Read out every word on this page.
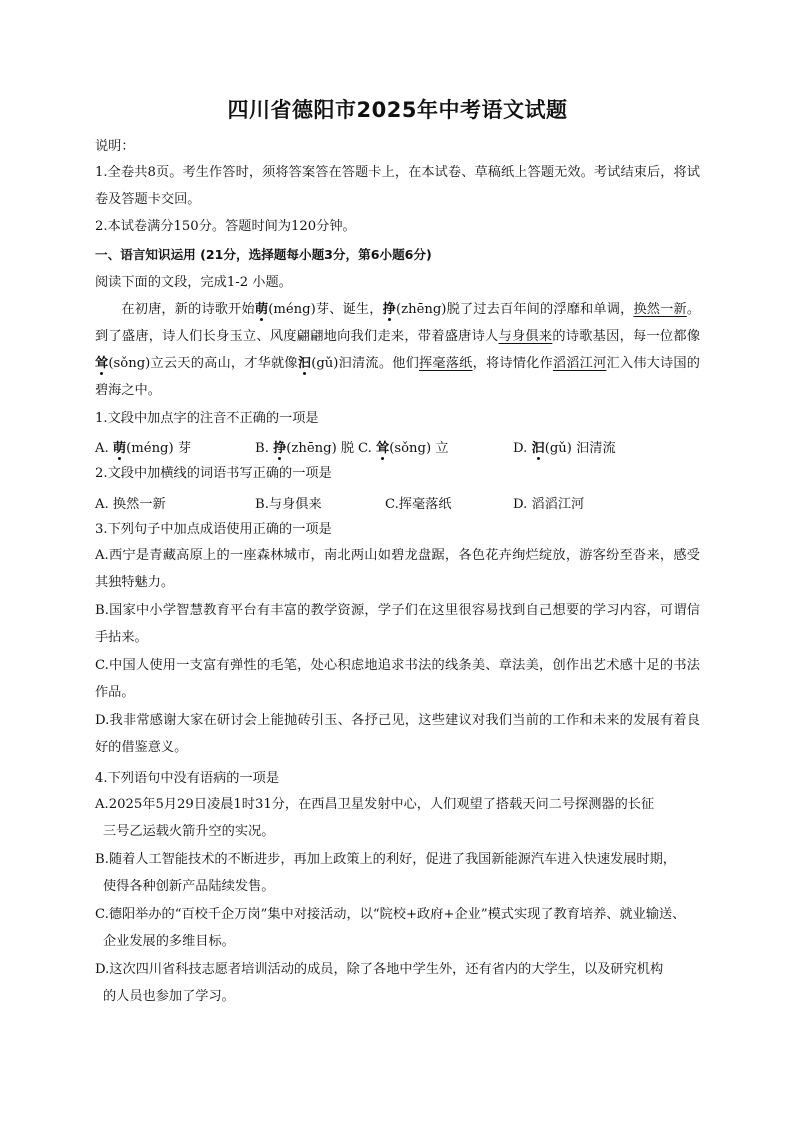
四川省德阳市2025年中考语文试题
说明：

1.全卷共8页。考生作答时，须将答案答在答题卡上，在本试卷、草稿纸上答题无效。考试结束后，将试卷及答题卡交回。

2.本试卷满分150分。答题时间为120分钟。
一、语言知识运用 (21分，选择题每小题3分，第6小题6分)
阅读下面的文段，完成1-2 小题。

在初唐，新的诗歌开始萌(méng)芽、诞生，挣(zhēng)脱了过去百年间的浮靡和单调，换然一新。到了盛唐，诗人们长身玉立、风度翩翩地向我们走来，带着盛唐诗人与身俱来的诗歌基因，每一位都像耸(sǒng)立云天的高山，才华就像汩(gǔ)汩清流。他们挥毫落纸，将诗情化作滔滔江河汇入伟大诗国的碧海之中。

1.文段中加点字的注音不正确的一项是
A. 萌(méng) 芽	B. 挣(zhēng) 脱 C. 耸(sǒng) 立	D. 汩(gǔ) 汩清流
2.文段中加横线的词语书写正确的一项是
A. 换然一新	B.与身俱来	C.挥毫落纸	D. 滔滔江河
3.下列句子中加点成语使用正确的一项是

A.西宁是青藏高原上的一座森林城市，南北两山如碧龙盘踞，各色花卉绚烂绽放，游客纷至沓来，感受其独特魅力。

B.国家中小学智慧教育平台有丰富的教学资源，学子们在这里很容易找到自己想要的学习内容，可谓信手拈来。

C.中国人使用一支富有弹性的毛笔，处心积虑地追求书法的线条美、章法美，创作出艺术感十足的书法作品。

D.我非常感谢大家在研讨会上能抛砖引玉、各抒己见，这些建议对我们当前的工作和未来的发展有着良好的借鉴意义。

4.下列语句中没有语病的一项是
A.2025年5月29日凌晨1时31分，在西昌卫星发射中心，人们观望了搭载天问二号探测器的长征
三号乙运载火箭升空的实况。
B.随着人工智能技术的不断进步，再加上政策上的利好，促进了我国新能源汽车进入快速发展时期，
使得各种创新产品陆续发售。
C.德阳举办的“百校千企万岗”集中对接活动，以“院校+政府+企业”模式实现了教育培养、就业输送、
企业发展的多维目标。
D.这次四川省科技志愿者培训活动的成员，除了各地中学生外，还有省内的大学生，以及研究机构
的人员也参加了学习。
